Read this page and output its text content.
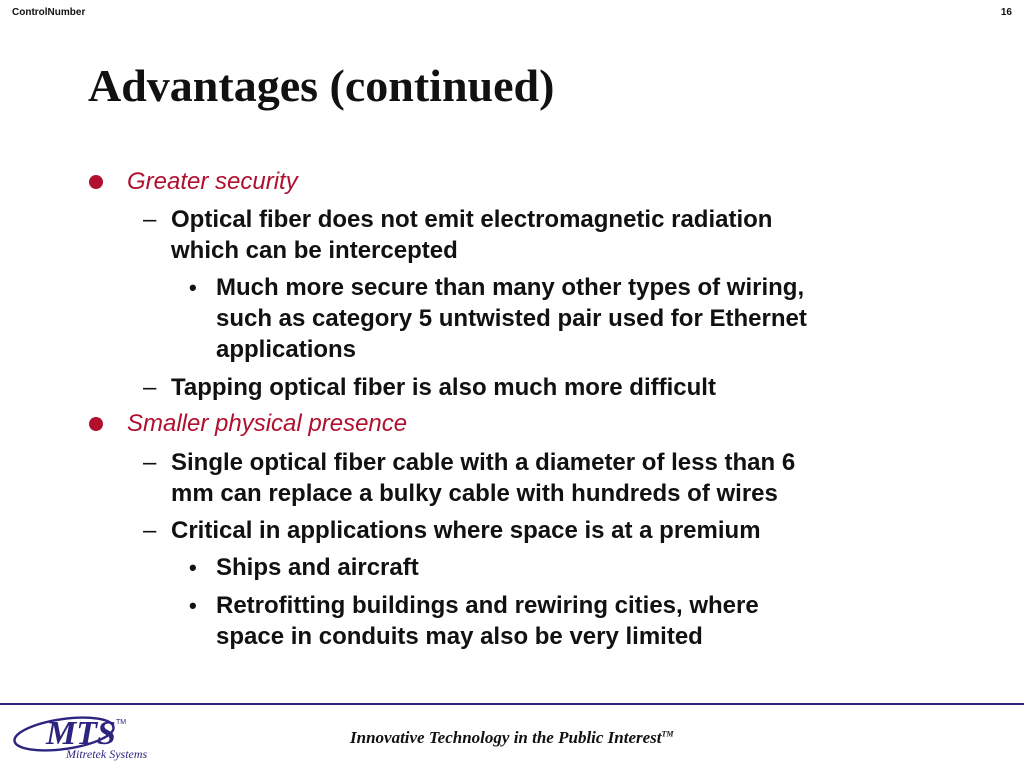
ControlNumber	16
Advantages (continued)
Greater security
– Optical fiber does not emit electromagnetic radiation
which can be intercepted
• Much more secure than many other types of wiring,
such as category 5 untwisted pair used for Ethernet
applications
– Tapping optical fiber is also much more difficult
Smaller physical presence
– Single optical fiber cable with a diameter of less than 6
mm can replace a bulky cable with hundreds of wires
– Critical in applications where space is at a premium
• Ships and aircraft
• Retrofitting buildings and rewiring cities, where
space in conduits may also be very limited
MTS TM
Mitretek Systems
Innovative Technology in the Public Interest™
